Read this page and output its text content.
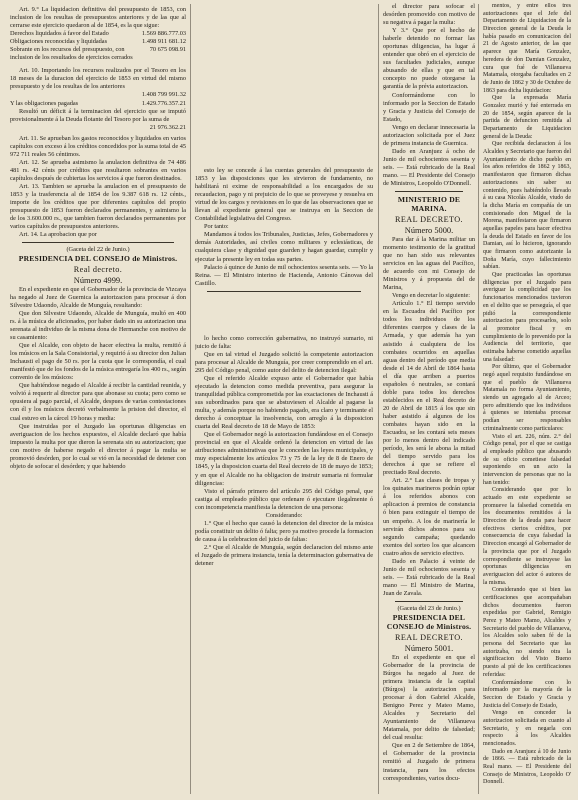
Art. 9.° La liquidacion definitiva del presupuesto de 1853, con inclusion de los resultas de presupuestos anteriores y de las que al cerrarse este ejercicio quedaron al de 1854, es la que sigue:

Derechos liquidados á favor del Estado	1.569 886.777.03
Obligaciones reconocidas y liquidadas	1.498 911 681.12
Sobrante en los recursos del presupuesto, con inclusion de los resultados de ejercicios cerrados
70 675 098.91

Art. 10. Importando los recursos realizados por el Tesoro en los 18 meses de la duracion del ejercicio de 1853 en virtud del mismo presupuesto y de los resultas de los anteriores

1.408 799 991.32
Y las obligaciones pagadas	1.429.776.357.21

Resultó un déficit á la terminacion del ejercicio que se imputó provisionalmente á la Deuda flotante del Tesoro por la suma de

21 976.362.21

Art. 11. Se aprueban los gastos reconocidos y liquidados en varios capítulos con exceso á los créditos concedidos por la suma total de 45 972 711 reales 56 céntimos.

Art. 12. Se aprueba asimismo la anulacion definitiva de 74 486 481 rs. 42 cénts por créditos que resultaron sobrantes en varios capítulos después de cubiertas los servicios á que fueron destinados.

Art. 13. Tambien se aprueba la anulacion en el presupuesto de 1853 y la trasferencia al de 1854 de los 9.387 618 rs. 12 cénts., importe de los créditos que por diferentes capítulos del propio presupuesto de 1853 fueron declarados permanentes, y asimismo la de los 3.600.000 rs., que tambien fueron declarados permanentes por varios capítulos de presupuestos anteriores.

Art. 14. La aprobacion que por

(Gaceta del 22 de Junio.)

PRESIDENCIA DEL CONSEJO de Ministros.

Real decreto.

Número 4999.

En el expediente en que el Gobernador de la provincia de Vizcaya ha negado al Juez de Guernica la autorizacion para procesar á don Silvestre Udaondo, Alcalde de Munguía, resultando:

Que don Silvestre Udaondo, Alcalde de Munguía, multó en 400 rs. á la música de aficionados, por haber dado sin su autorizacion una serenata al individuo de la misma dona de Hermanche con motivo de su casamiento:

Que el Alcalde, con objeto de hacer efectiva la multa, remitió á los músicos en la Sala Consistorial, y requirió á su director don Julian Inchausti el pago de 50 rs. por la cuota que le correspondía, el cual manifestó que de los fondos de la música entregaría los 400 rs., según convenio de los músicos:

Que habiéndose negado el Alcalde á recibir la cantidad reunida, y volvió á requerir al director para que abonase su cuota; pero como se opusiera al pago parcial, el Alcalde, despues de varias contestaciones con él y los músicos decretó verbalmente la prision del director, el cual estuvo en la cárcel 19 horas y media:

Que instruidas por el Juzgado las oportunas diligencias en averiguacion de los hechos expuestos, el Alcalde declaró que había impuesto la multa por que dieron la serenata sin su autorizacion; que con motivo de haberse negado el director á pagar la multa se promovió desórden, por lo cual se vió en la necesidad de detener con objeto de sofocar el desórden; y que habiendo

esto ley se concede á las cuentas generales del presupuesto de 1853 y las disposiciones que les sirvieron de fundamento, no habilitará ni exime de responsabilidad a los encargados de su recaudacion, pago y ni prejuicio de lo que se proveyese y resuelva en virtud de los cargos y revisiones en lo que de las observaciones que se llevan al expediente general que se instruya en la Seccion de Contabilidad legislativa del Congreso.

Por tanto:

Mandamos á todos los Tribunales, Justicias, Jefes, Gobernadores y demás Autoridades, así civiles como militares y eclesiásticas, de cualquiera clase y dignidad que guarden y hagan guardar, cumplir y ejecutar la presente ley en todas sus partes.

Palacio á quince de Junio de mil ochocientos sesenta seis. — Yo la Reina. — El Ministro interino de Hacienda, Antonio Cánovas del Castillo.

lo hecho como corrección gubernativa, no instruyó sumario, ni juicio de falta:

Que en tal virtud el Juzgado solicitó la competente autorizacion para procesar al Alcalde de Munguía, por creer comprendido en el art. 295 del Código penal, como autor del delito de detencion ilegal:

Que el referido Alcalde expuso ante el Gobernador que había ejecutado la detencion como medida preventiva, para asegurar la tranquilidad pública comprometida por las exactaciones de Inchausti á sus subordinados para que se abstuviesen el Alcalde al pagarse la multa, y además porque no habiendo pagado, era claro y terminante el derecho á conceptuar la insolvencia, con arreglo á la disposicion cuarta del Real decreto de 18 de Mayo de 1853:

Que el Gobernador negó la autorizacion fundándose en el Consejo provincial en que el Alcalde ordenó la detencion en virtud de las atribuciones administrativas que le conceden las leyes municipales, y muy especialmente los artículos 73 y 75 de la ley de 8 de Enero de 1845, y la disposicion cuarta del Real decreto de 18 de mayo de 1853; y en que el Alcalde no ha obligacion de instruir sumaria ni formular diligencias:

Visto el párrafo primero del artículo 295 del Código penal, que castiga al empleado público que ordenare ó ejecutare ilegalmente ó con incompetencia manifiesta la detencion de una persona:

Considerando:

1.° Que el hecho que causó la detencion del director de la música podía constituir un delito ó falta; pero ya motivo procede la formacion de causa á la celebracion del juicio de faltas:

2.° Que el Alcalde de Munguía, según declaracion del mismo ante el Juzgado de primera instancia, tenía la determinacion gubernativa de detener

el director para sofocar el desórden promovido con motivo de su negativa á pagar la multa:

Y 3.° Que por el hecho de haberle detenido no formar las oportunas diligencias, ha lugar á entender que obró en el ejercicio de sus facultades judiciales, aunque abusando de ellas y que en tal concepto no puede otorgarse la garantía de la prévia autorizacion.

Conformándome con lo informado por la Seccion de Estado y Gracia y Justicia del Consejo de Estado,

Vengo en declarar innecesaria la autorizacion solicitada por el Juez de primera instancia de Guernica.

Dado en Aranjuez á ocho de Junio de mil ochocientos sesenta y seis. — Está rubricado de la Real mano. — El Presidente del Consejo de Ministros, Leopoldo O'Donnell.

MINISTERIO DE MARINA.

REAL DECRETO.

Número 5000.

Para dar á la Marina militar un momento testimonio de la gratitud que no han sido sus relevantes servicios en las aguas del Pacífico, de acuerdo con mi Consejo de Ministros y á propuesta del de Marina,

Vengo en decretar lo siguiente:

Artículo 1.° El tiempo servido en la Escuadra del Pacífico por todos los individuos de los diferentes cuerpos y clases de la Armada, y que además ha yan asistido á cualquiera de los combates ocurridos en aquellas aguas dentro del período que media desde el 14 de Abril de 1864 hasta el día que arriben a puertos españoles ó neutrales, se contará doble para todos los derechos establecidos en el Real decreto de 20 de Abril de 1815 á los que sin haber asistido á algunos de los combates hayan sido en la Escuadra, se les contará seis meses por lo menos dentro del indicado período, les será le abona la mitad del tiempo servido para los derechos á que se refiere el precitado Real decreto.

Art. 2.° Las clases de tropas y los quinates marineros podrán optar á los referidos abonos con aplicacion á premios de constancia ó bien para extinguir el tiempo de un empeño. A los de marinería le servirán dichos abonos para su segundo campaña; quedando exentos del sorteo los que alcancen cuatro años de servicio efectivo.

Dado en Palacio á veinte de Junio de mil ochocientos sesenta y seis. — Está rubricado de la Real mano — El Ministro de Marina, Juan de Zavala.

(Gaceta del 23 de Junio.)

PRESIDENCIA DEL CONSEJO de Ministros.

REAL DECRETO.

Número 5001.

En el expediente en que el Gobernador de la provincia de Búrgos ha negado al Juez de primera instancia de la capital (Búrgos) la autorizacion para procesar á don Gabriel Alcalde, Benigno Perez y Mateo Mamo, Alcaldes y Secretario del Ayuntamiento de Villanueva Matamala, por delito de falsedad; del cual resulta:

Que en 2 de Setiembre de 1864, el Gobernador de la provincia remitió al Juzgado de primera instancia, para los efectos correspondientes, varios docu-

mentos, y entre ellos tres autorizaciones que el Jefe del Departamento de Liquidacion de la Direccion general de la Deuda le había pasado en comunicacion del 21 de Agosto anterior, de las que aparece que María Gonzalez, heredera de don Damian Gonzalez, cura que fué de Villanueva Matamala, otorgaba facultades en 2 de Junio de 1862 y 30 de Octubre de 1863 para dicha liquidacion:

Que la expresada María Gonzalez murió y fué enterrada en 20 de 1854, según aparece de la partida de defuncion remitida al Departamento de Liquidacion general de la Deuda:

Que recibida declaracion á los Alcaldes y Secretario que fueron del Ayuntamiento de dicho pueblo en los años referidos de 1862 y 1863, manifestaron que firmaron dichas autorizaciones sin saber su contenido, pues habiéndolo llevado á su casa Nicolás Alcalde, viudo de la dicha María en compañía de un comisionado don Miguel de la Morena, manifestaron que firmaron aquellas papeles para hacer efectiva la deuda del Estado en favor de los Damian, así lo hicieron, ignorando que firmaron como autorizante la Doña María, cuyo fallecimiento sabían.

Que practicadas las oportunas diligencias por el Juzgado para averiguar la complicidad que los funcionarios mencionados tuvieron en el delito que se perseguía, el que pidió la correspondiente autorizacion para procesarlos, solo al promotor fiscal y en cumplimiento de lo prevenido por la Audiencia del territorio, que estimaba haberse cometido aquellas una falsedad:

Por último, que el Gobernador negó aquel requisito fundándose en que el pueblo de Villanueva Matamala no forma Ayuntamiento, siendo un agregado al de Arceo; pero admitiendo que los individuos á quienes se intentaba procesar podían ser responsables criminalmente como particulares:

Visto el art. 226, núm. 2.° del Código penal, por el que se castiga al empleado público que abusando de su oficio cometiese falsedad suponiendo en un acto la intervencion de personas que no la han tenido:

Considerando que por lo actuado en este expediente se promueve la falsedad cometida en los documentos remitidos á la Direccion de la deuda para hacer efectivos ciertos créditos, por consecuencia de cuya falsedad la Direccion encargó al Gobernador de la provincia que por el Juzgado correspondiente se instruyese las oportunas diligencias en averiguacion del actor ó autores de la misma.

Considerando que si bien las certificaciones que acompañaban dichos documentos fueron expedidas por Gabriel, Remigio Perez y Mateo Mamo, Alcaldes y Secretario del pueblo de Villanueva, los Alcaldes solo saben fé de la persona del Secretario que las autorizaba, no siendo otra la significacion del Visto Bueno puesto al pié de los certificaciones referidas:

Conformándome con lo informado por la mayoría de la Seccion de Estado y Gracia y Justicia del Consejo de Estado,

Vengo en conceder la autorizacion solicitada en cuanto al Secretario, y en negarla con respecto á los Alcaldes mencionados.

Dado en Aranjuez á 10 de Junio de 1866. — Está rubricado de la Real mano. — El Presidente del Consejo de Ministros, Leopoldo O' Donnell.
